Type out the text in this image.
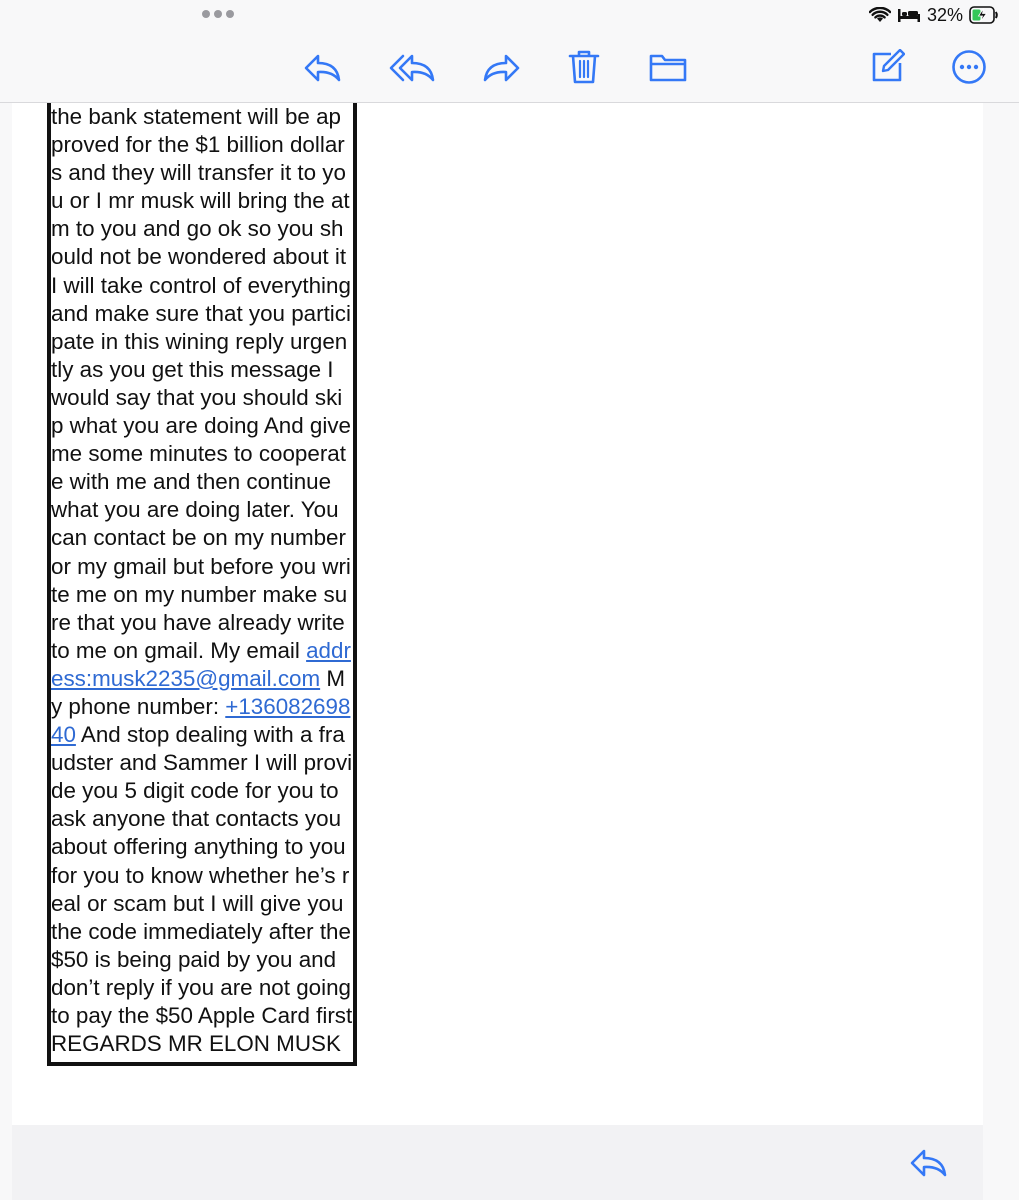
32%

the bank statement will be approved for the $1 billion dollars and they will transfer it to you or I mr musk will bring the atm to you and go ok so you should not be wondered about it I will take control of everything and make sure that you participate in this wining reply urgently as you get this message I would say that you should skip what you are doing And give me some minutes to cooperate with me and then continue what you are doing later. You can contact be on my number or my gmail but before you write me on my number make sure that you have already write to me on gmail. My email address:musk2235@gmail.com My phone number: +13608269840 And stop dealing with a fraudster and Sammer I will provide you 5 digit code for you to ask anyone that contacts you about offering anything to you for you to know whether he’s real or scam but I will give you the code immediately after the $50 is being paid by you and don’t reply if you are not going to pay the $50 Apple Card first REGARDS MR ELON MUSK
